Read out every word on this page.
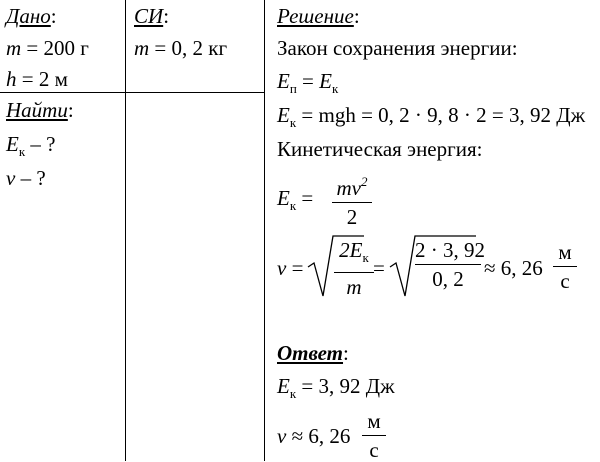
Дано:
m = 200 г
h = 2 м
СИ:
m = 0, 2 кг
Найти:
$E_к$ – ?
v – ?
Решение:
Закон сохранения энергии:
$E_п = E_к$
$E_к$ = mgh = 0, 2 · 9, 8 · 2 = 3, 92 Дж
Кинетическая энергия:
$E_к = mv^2$
2
v =
$2E_к$
m
=
2 · 3, 92
0, 2 ≈ 6, 26
м
с
Ответ:
$E_к = 3$, 92 Дж
v ≈ 6, 26
м
с
